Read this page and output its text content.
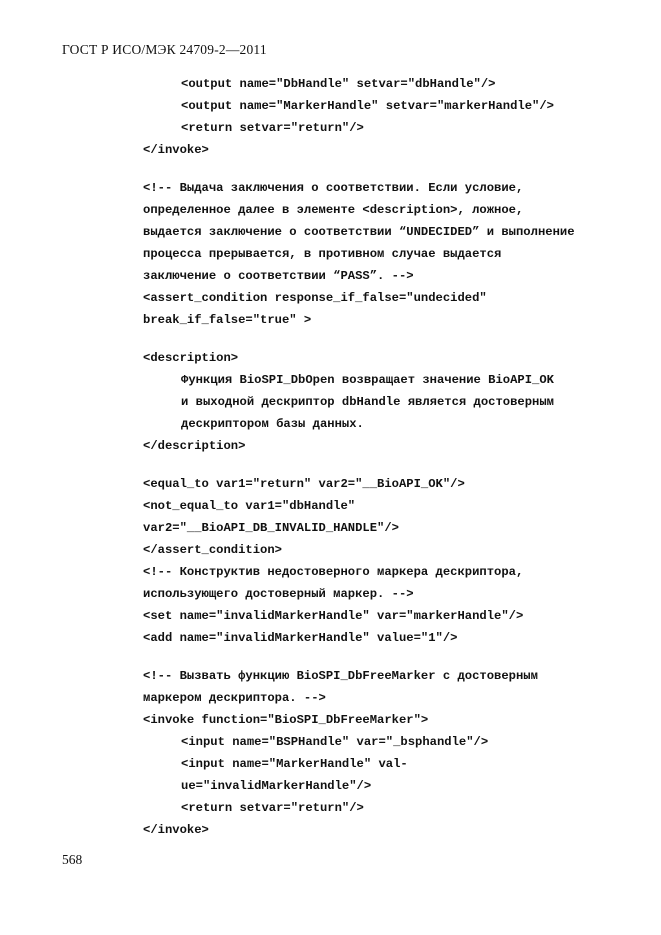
ГОСТ Р ИСО/МЭК 24709-2—2011

<output name="DbHandle" setvar="dbHandle"/>

<output name="MarkerHandle" setvar="markerHandle"/>

<return setvar="return"/>

</invoke>

<!-- Выдача заключения о соответствии. Если условие,

определенное далее в элементе <description>, ложное,

выдается заключение о соответствии “UNDECIDED” и выполнение

процесса прерывается, в противном случае выдается

заключение о соответствии “PASS”. -->

<assert_condition response_if_false="undecided"

break_if_false="true" >

<description>

Функция BioSPI_DbOpen возвращает значение BioAPI_OK

и выходной дескриптор dbHandle является достоверным

дескриптором базы данных.

</description>

<equal_to var1="return" var2="__BioAPI_OK"/>

<not_equal_to var1="dbHandle"

var2="__BioAPI_DB_INVALID_HANDLE"/>

</assert_condition>

<!-- Конструктив недостоверного маркера дескриптора,

использующего достоверный маркер. -->

<set name="invalidMarkerHandle" var="markerHandle"/>

<add name="invalidMarkerHandle" value="1"/>

<!-- Вызвать функцию BioSPI_DbFreeMarker с достоверным

маркером дескриптора. -->

<invoke function="BioSPI_DbFreeMarker">

<input name="BSPHandle" var="_bsphandle"/>

<input name="MarkerHandle" val-

ue="invalidMarkerHandle"/>

<return setvar="return"/>

</invoke>

568
